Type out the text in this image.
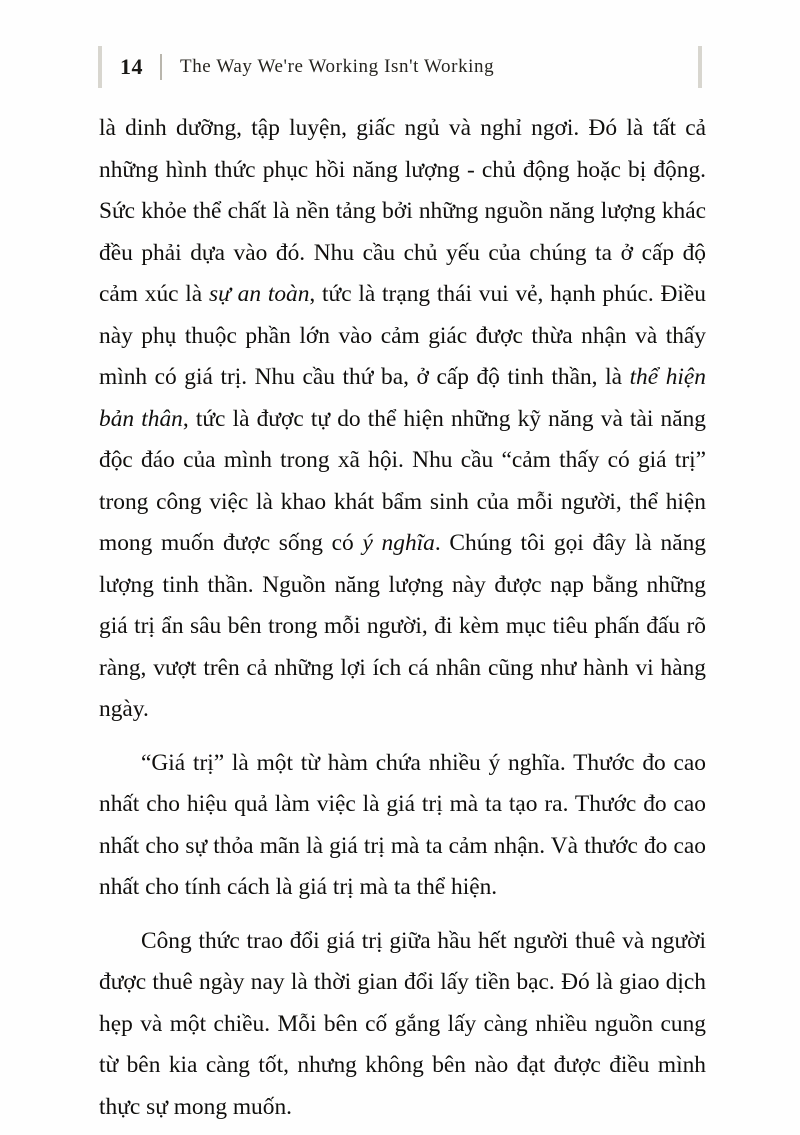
14 The Way We're Working Isn't Working

là dinh dưỡng, tập luyện, giấc ngủ và nghỉ ngơi. Đó là tất cả những hình thức phục hồi năng lượng - chủ động hoặc bị động. Sức khỏe thể chất là nền tảng bởi những nguồn năng lượng khác đều phải dựa vào đó. Nhu cầu chủ yếu của chúng ta ở cấp độ cảm xúc là sự an toàn, tức là trạng thái vui vẻ, hạnh phúc. Điều này phụ thuộc phần lớn vào cảm giác được thừa nhận và thấy mình có giá trị. Nhu cầu thứ ba, ở cấp độ tinh thần, là thể hiện bản thân, tức là được tự do thể hiện những kỹ năng và tài năng độc đáo của mình trong xã hội. Nhu cầu “cảm thấy có giá trị” trong công việc là khao khát bẩm sinh của mỗi người, thể hiện mong muốn được sống có ý nghĩa. Chúng tôi gọi đây là năng lượng tinh thần. Nguồn năng lượng này được nạp bằng những giá trị ẩn sâu bên trong mỗi người, đi kèm mục tiêu phấn đấu rõ ràng, vượt trên cả những lợi ích cá nhân cũng như hành vi hàng ngày.

“Giá trị” là một từ hàm chứa nhiều ý nghĩa. Thước đo cao nhất cho hiệu quả làm việc là giá trị mà ta tạo ra. Thước đo cao nhất cho sự thỏa mãn là giá trị mà ta cảm nhận. Và thước đo cao nhất cho tính cách là giá trị mà ta thể hiện.

Công thức trao đổi giá trị giữa hầu hết người thuê và người được thuê ngày nay là thời gian đổi lấy tiền bạc. Đó là giao dịch hẹp và một chiều. Mỗi bên cố gắng lấy càng nhiều nguồn cung từ bên kia càng tốt, nhưng không bên nào đạt được điều mình thực sự mong muốn.
